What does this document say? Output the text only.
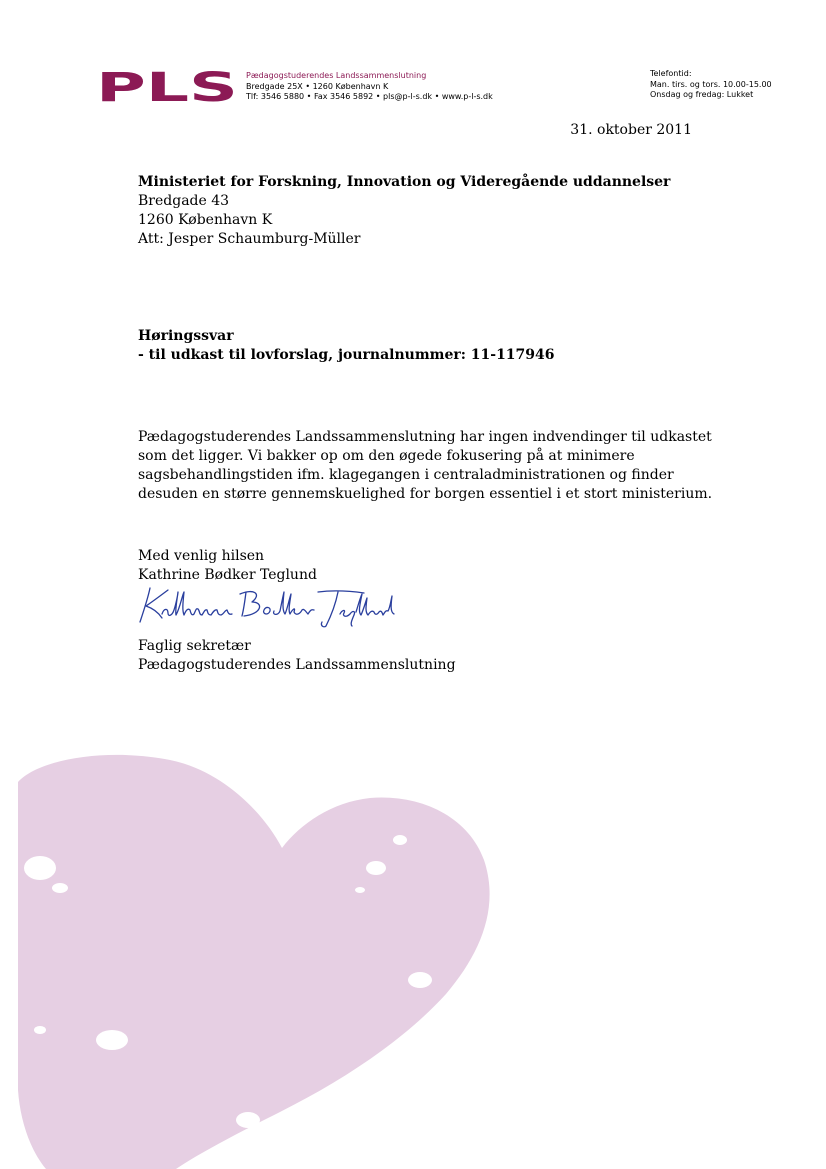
PLS Pædagogstuderendes Landssammenslutning
Bredgade 25X • 1260 København K
Tlf: 3546 5880 • Fax 3546 5892 • pls@p-l-s.dk • www.p-l-s.dk
Telefontid:
Man. tirs. og tors. 10.00-15.00
Onsdag og fredag: Lukket
31. oktober 2011
Ministeriet for Forskning, Innovation og Videregående uddannelser
Bredgade 43
1260 København K
Att: Jesper Schaumburg-Müller
Høringssvar
- til udkast til lovforslag, journalnummer: 11-117946
Pædagogstuderendes Landssammenslutning har ingen indvendinger til udkastet
som det ligger. Vi bakker op om den øgede fokusering på at minimere
sagsbehandlingstiden ifm. klagegangen i centraladministrationen og finder
desuden en større gennemskuelighed for borgen essentiel i et stort ministerium.
Med venlig hilsen
Kathrine Bødker Teglund
Kathrine Bødker Teglund
Faglig sekretær
Pædagogstuderendes Landssammenslutning
